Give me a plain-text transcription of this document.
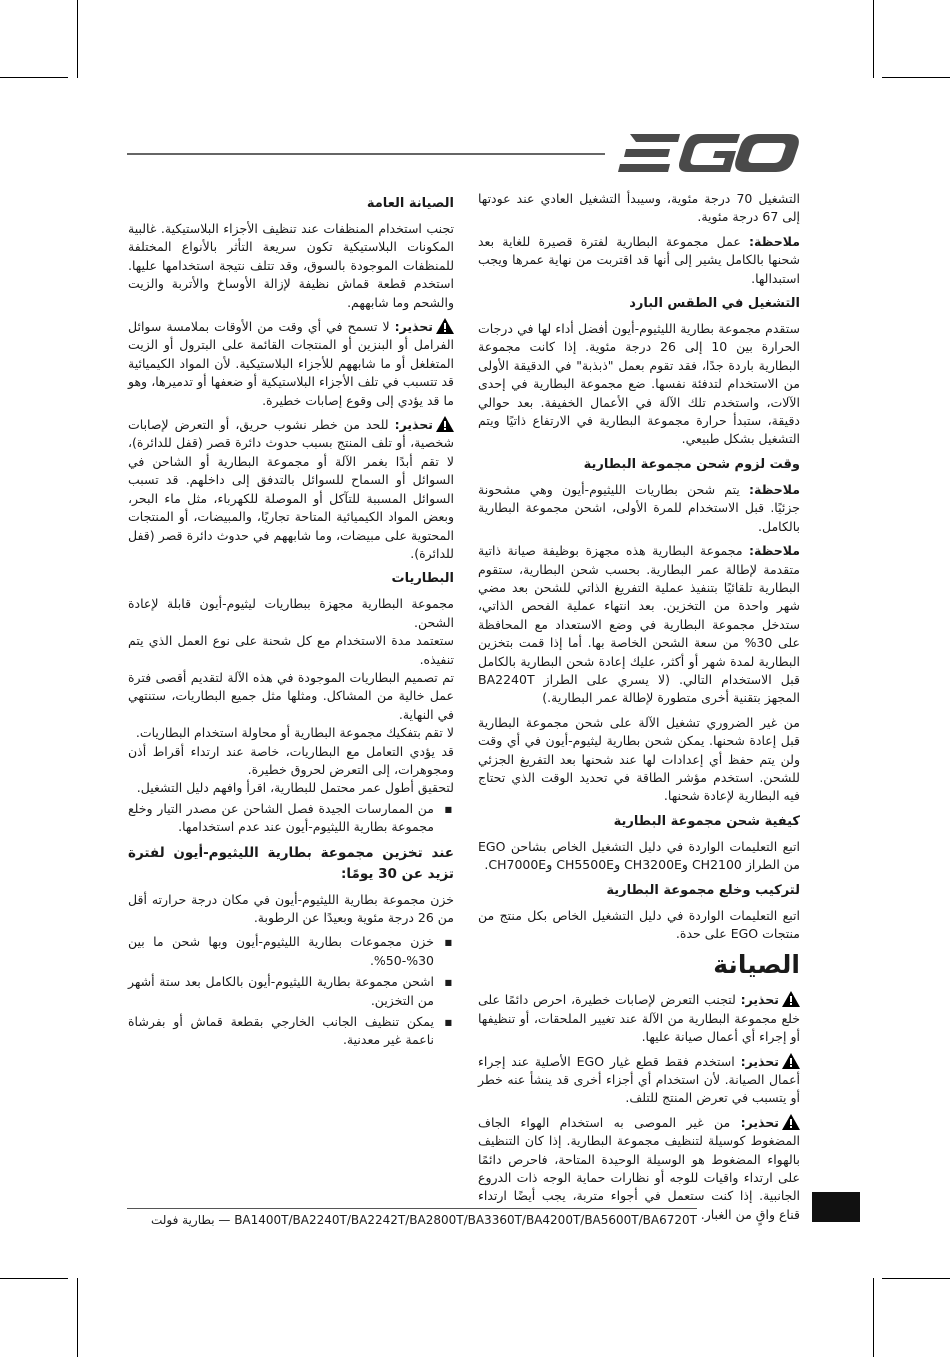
التشغيل 70 درجة مئوية، وسيبدأ التشغيل العادي عند عودتها إلى 67 درجة مئوية.

ملاحظة: عمل مجموعة البطارية لفترة قصيرة للغاية بعد شحنها بالكامل يشير إلى أنها قد اقتربت من نهاية عمرها ويجب استبدالها.

التشغيل في الطقس البارد

ستقدم مجموعة بطارية الليثيوم-أيون أفضل أداء لها في درجات الحرارة بين 10 إلى 26 درجة مئوية. إذا كانت مجموعة البطارية باردة جدًا، فقد تقوم بعمل "ذبذبة" في الدقيقة الأولى من الاستخدام لتدفئة نفسها. ضع مجموعة البطارية في إحدى الآلات، واستخدم تلك الآلة في الأعمال الخفيفة. بعد حوالي دقيقة، ستبدأ حرارة مجموعة البطارية في الارتفاع ذاتيًا ويتم التشغيل بشكل طبيعي.

وقت لزوم شحن مجموعة البطارية

ملاحظة: يتم شحن بطاريات الليثيوم-أيون وهي مشحونة جزئيًا. قبل الاستخدام للمرة الأولى، اشحن مجموعة البطارية بالكامل.

ملاحظة: مجموعة البطارية هذه مجهزة بوظيفة صيانة ذاتية متقدمة لإطالة عمر البطارية. بحسب شحن البطارية، ستقوم البطارية تلقائيًا بتنفيذ عملية التفريغ الذاتي للشحن بعد مضي شهر واحدة من التخزين. بعد انتهاء عملية الفحص الذاتي، ستدخل مجموعة البطارية في وضع الاستعداد مع المحافظة على 30% من سعة الشحن الخاصة بها. أما إذا قمت بتخزين البطارية لمدة شهر أو أكثر، عليك إعادة شحن البطارية بالكامل قبل الاستخدام التالي. (لا يسري على الطراز BA2240T المجهز بتقنية أخرى متطورة لإطالة عمر البطارية.)

من غير الضروري تشغيل الآلة على شحن مجموعة البطارية قبل إعادة شحنها. يمكن شحن بطارية ليثيوم-أيون في أي وقت ولن يتم حفظ أي إعدادات لها عند شحنها بعد التفريغ الجزئي للشحن. استخدم مؤشر الطاقة في تحديد الوقت الذي تحتاج فيه البطارية لإعادة شحنها.

كيفية شحن مجموعة البطارية

اتبع التعليمات الواردة في دليل التشغيل الخاص بشاحن EGO من الطراز CH2100 وCH3200E وCH5500E وCH7000E.

لتركيب وخلع مجموعة البطارية

اتبع التعليمات الواردة في دليل التشغيل الخاص بكل منتج من منتجات EGO على حدة.

الصيانة

تحذير: لتجنب التعرض لإصابات خطيرة، احرص دائمًا على خلع مجموعة البطارية من الآلة عند تغيير الملحقات، أو تنظيفها أو إجراء أي أعمال صيانة عليها.

تحذير: استخدم فقط قطع غيار EGO الأصلية عند إجراء أعمال الصيانة. لأن استخدام أي أجزاء أخرى قد ينشأ عنه خطر أو يتسبب في تعرض المنتج للتلف.

تحذير: من غير الموصى به استخدام الهواء الجاف المضغوط كوسيلة لتنظيف مجموعة البطارية. إذا كان التنظيف بالهواء المضغوط هو الوسيلة الوحيدة المتاحة، فاحرص دائمًا على ارتداء واقيات للوجه أو نظارات حماية الوجه ذات الدروع الجانبية. إذا كنت ستعمل في أجواء متربة، يجب أيضًا ارتداء قناع واقٍ من الغبار.

الصيانة العامة

تجنب استخدام المنظفات عند تنظيف الأجزاء البلاستيكية. غالبية المكونات البلاستيكية تكون سريعة التأثر بالأنواع المختلفة للمنظفات الموجودة بالسوق، وقد تتلف نتيجة استخدامها عليها. استخدم قطعة قماش نظيفة لإزالة الأوساخ والأتربة والزيت والشحم وما شابههم.

تحذير: لا تسمح في أي وقت من الأوقات بملامسة سوائل الفرامل أو البنزين أو المنتجات القائمة على البترول أو الزيت المتغلغل أو ما شابههم للأجزاء البلاستيكية. لأن المواد الكيميائية قد تتسبب في تلف الأجزاء البلاستيكية أو ضعفها أو تدميرها، وهو ما قد يؤدي إلى وقوع إصابات خطيرة.

تحذير: للحد من خطر نشوب حريق، أو التعرض لإصابات شخصية، أو تلف المنتج بسبب حدوث دائرة قصر (قفل للدائرة)، لا تقم أبدًا بغمر الآلة أو مجموعة البطارية أو الشاحن في السوائل أو السماح للسوائل بالتدفق إلى داخلهم. قد تسبب السوائل المسببة للتآكل أو الموصلة للكهرباء، مثل ماء البحر، وبعض المواد الكيميائية المتاحة تجاريًا، والمبيضات، أو المنتجات المحتوية على مبيضات، وما شابههم في حدوث دائرة قصر (قفل للدائرة).

البطاريات

مجموعة البطارية مجهزة ببطاريات ليثيوم-أيون قابلة لإعادة الشحن.

ستعتمد مدة الاستخدام مع كل شحنة على نوع العمل الذي يتم تنفيذه.

تم تصميم البطاريات الموجودة في هذه الآلة لتقديم أقصى فترة عمل خالية من المشاكل. ومثلها مثل جميع البطاريات، ستنتهي في النهاية.

لا تقم بتفكيك مجموعة البطارية أو محاولة استخدام البطاريات.

قد يؤدي التعامل مع البطاريات، خاصة عند ارتداء أقراط أذن ومجوهرات، إلى التعرض لحروق خطيرة.

لتحقيق أطول عمر محتمل للبطارية، اقرأ وافهم دليل التشغيل.

■ من الممارسات الجيدة فصل الشاحن عن مصدر التيار وخلع مجموعة بطارية الليثيوم-أيون عند عدم استخدامها.
عند تخزين مجموعة بطارية الليثيوم-أيون لفترة تزيد عن 30 يومًا:

خزن مجموعة بطارية الليثيوم-أيون في مكان درجة حرارته أقل من 26 درجة مئوية وبعيدًا عن الرطوبة.

■ خزن مجموعات بطارية الليثيوم-أيون وبها شحن ما بين 30%-50%.
■ اشحن مجموعة بطارية الليثيوم-أيون بالكامل بعد ستة أشهر من التخزين.
■ يمكن تنظيف الجانب الخارجي بقطعة قماش أو بفرشاة ناعمة غير معدنية.
BA1400T/BA2240T/BA2242T/BA2800T/BA3360T/BA4200T/BA5600T/BA6720T — بطارية فولت
